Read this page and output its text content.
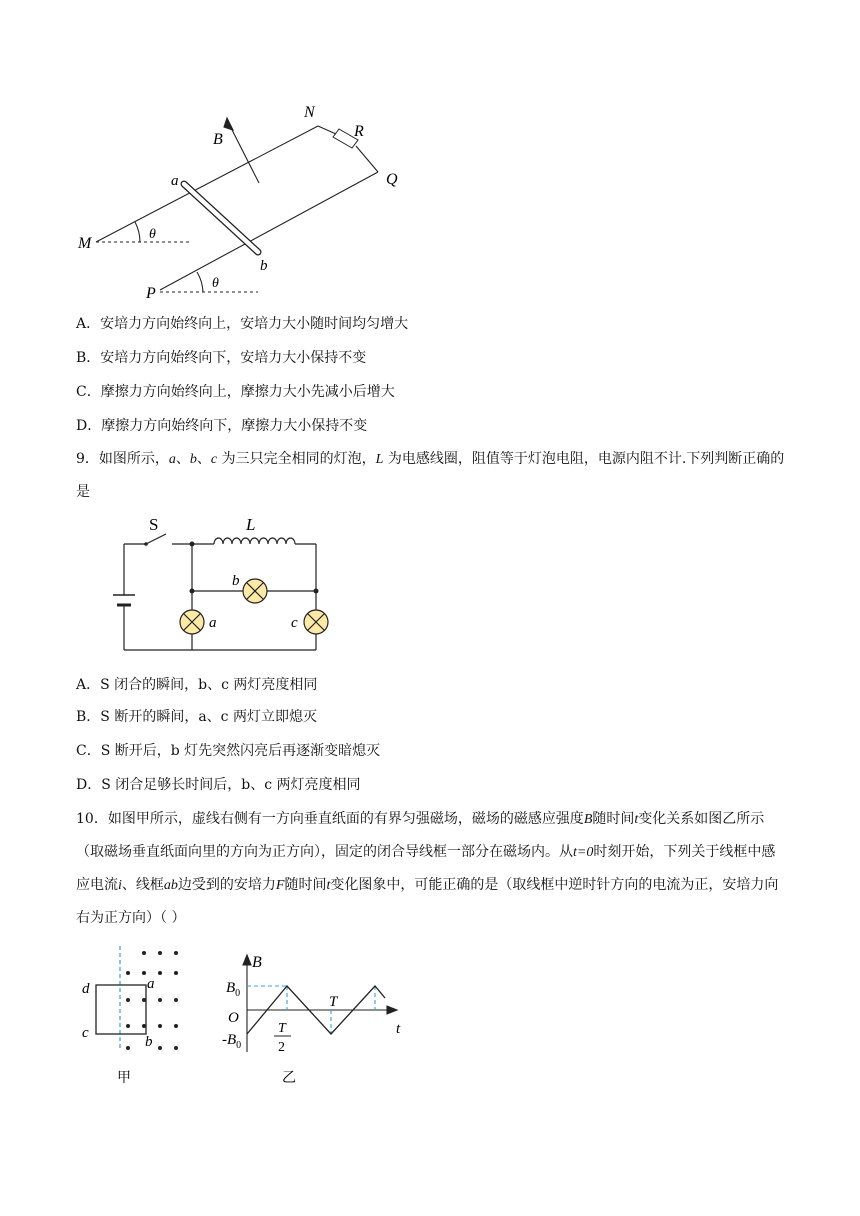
B
N
R
Q
a
b
M
P
θ
θ
A．安培力方向始终向上，安培力大小随时间均匀增大
B．安培力方向始终向下，安培力大小保持不变
C．摩擦力方向始终向上，摩擦力大小先减小后增大
D．摩擦力方向始终向下，摩擦力大小保持不变
9．如图所示，a、b、c 为三只完全相同的灯泡，L 为电感线圈，阻值等于灯泡电阻，电源内阻不计.下列判断正确的是
S	L
a
b
c
A．S 闭合的瞬间，b、c 两灯亮度相同
B．S 断开的瞬间，a、c 两灯立即熄灭
C．S 断开后，b 灯先突然闪亮后再逐渐变暗熄灭
D．S 闭合足够长时间后，b、c 两灯亮度相同
10．如图甲所示，虚线右侧有一方向垂直纸面的有界匀强磁场，磁场的磁感应强度B随时间t变化关系如图乙所示（取磁场垂直纸面向里的方向为正方向），固定的闭合导线框一部分在磁场内。从t=0时刻开始，下列关于线框中感应电流i、线框ab边受到的安培力F随时间t变化图象中，可能正确的是（取线框中逆时针方向的电流为正，安培力向右为正方向）（ ）
d	a
c
b
甲
B
$B_0$
O
T
t
T
2
$-B_0$
乙
